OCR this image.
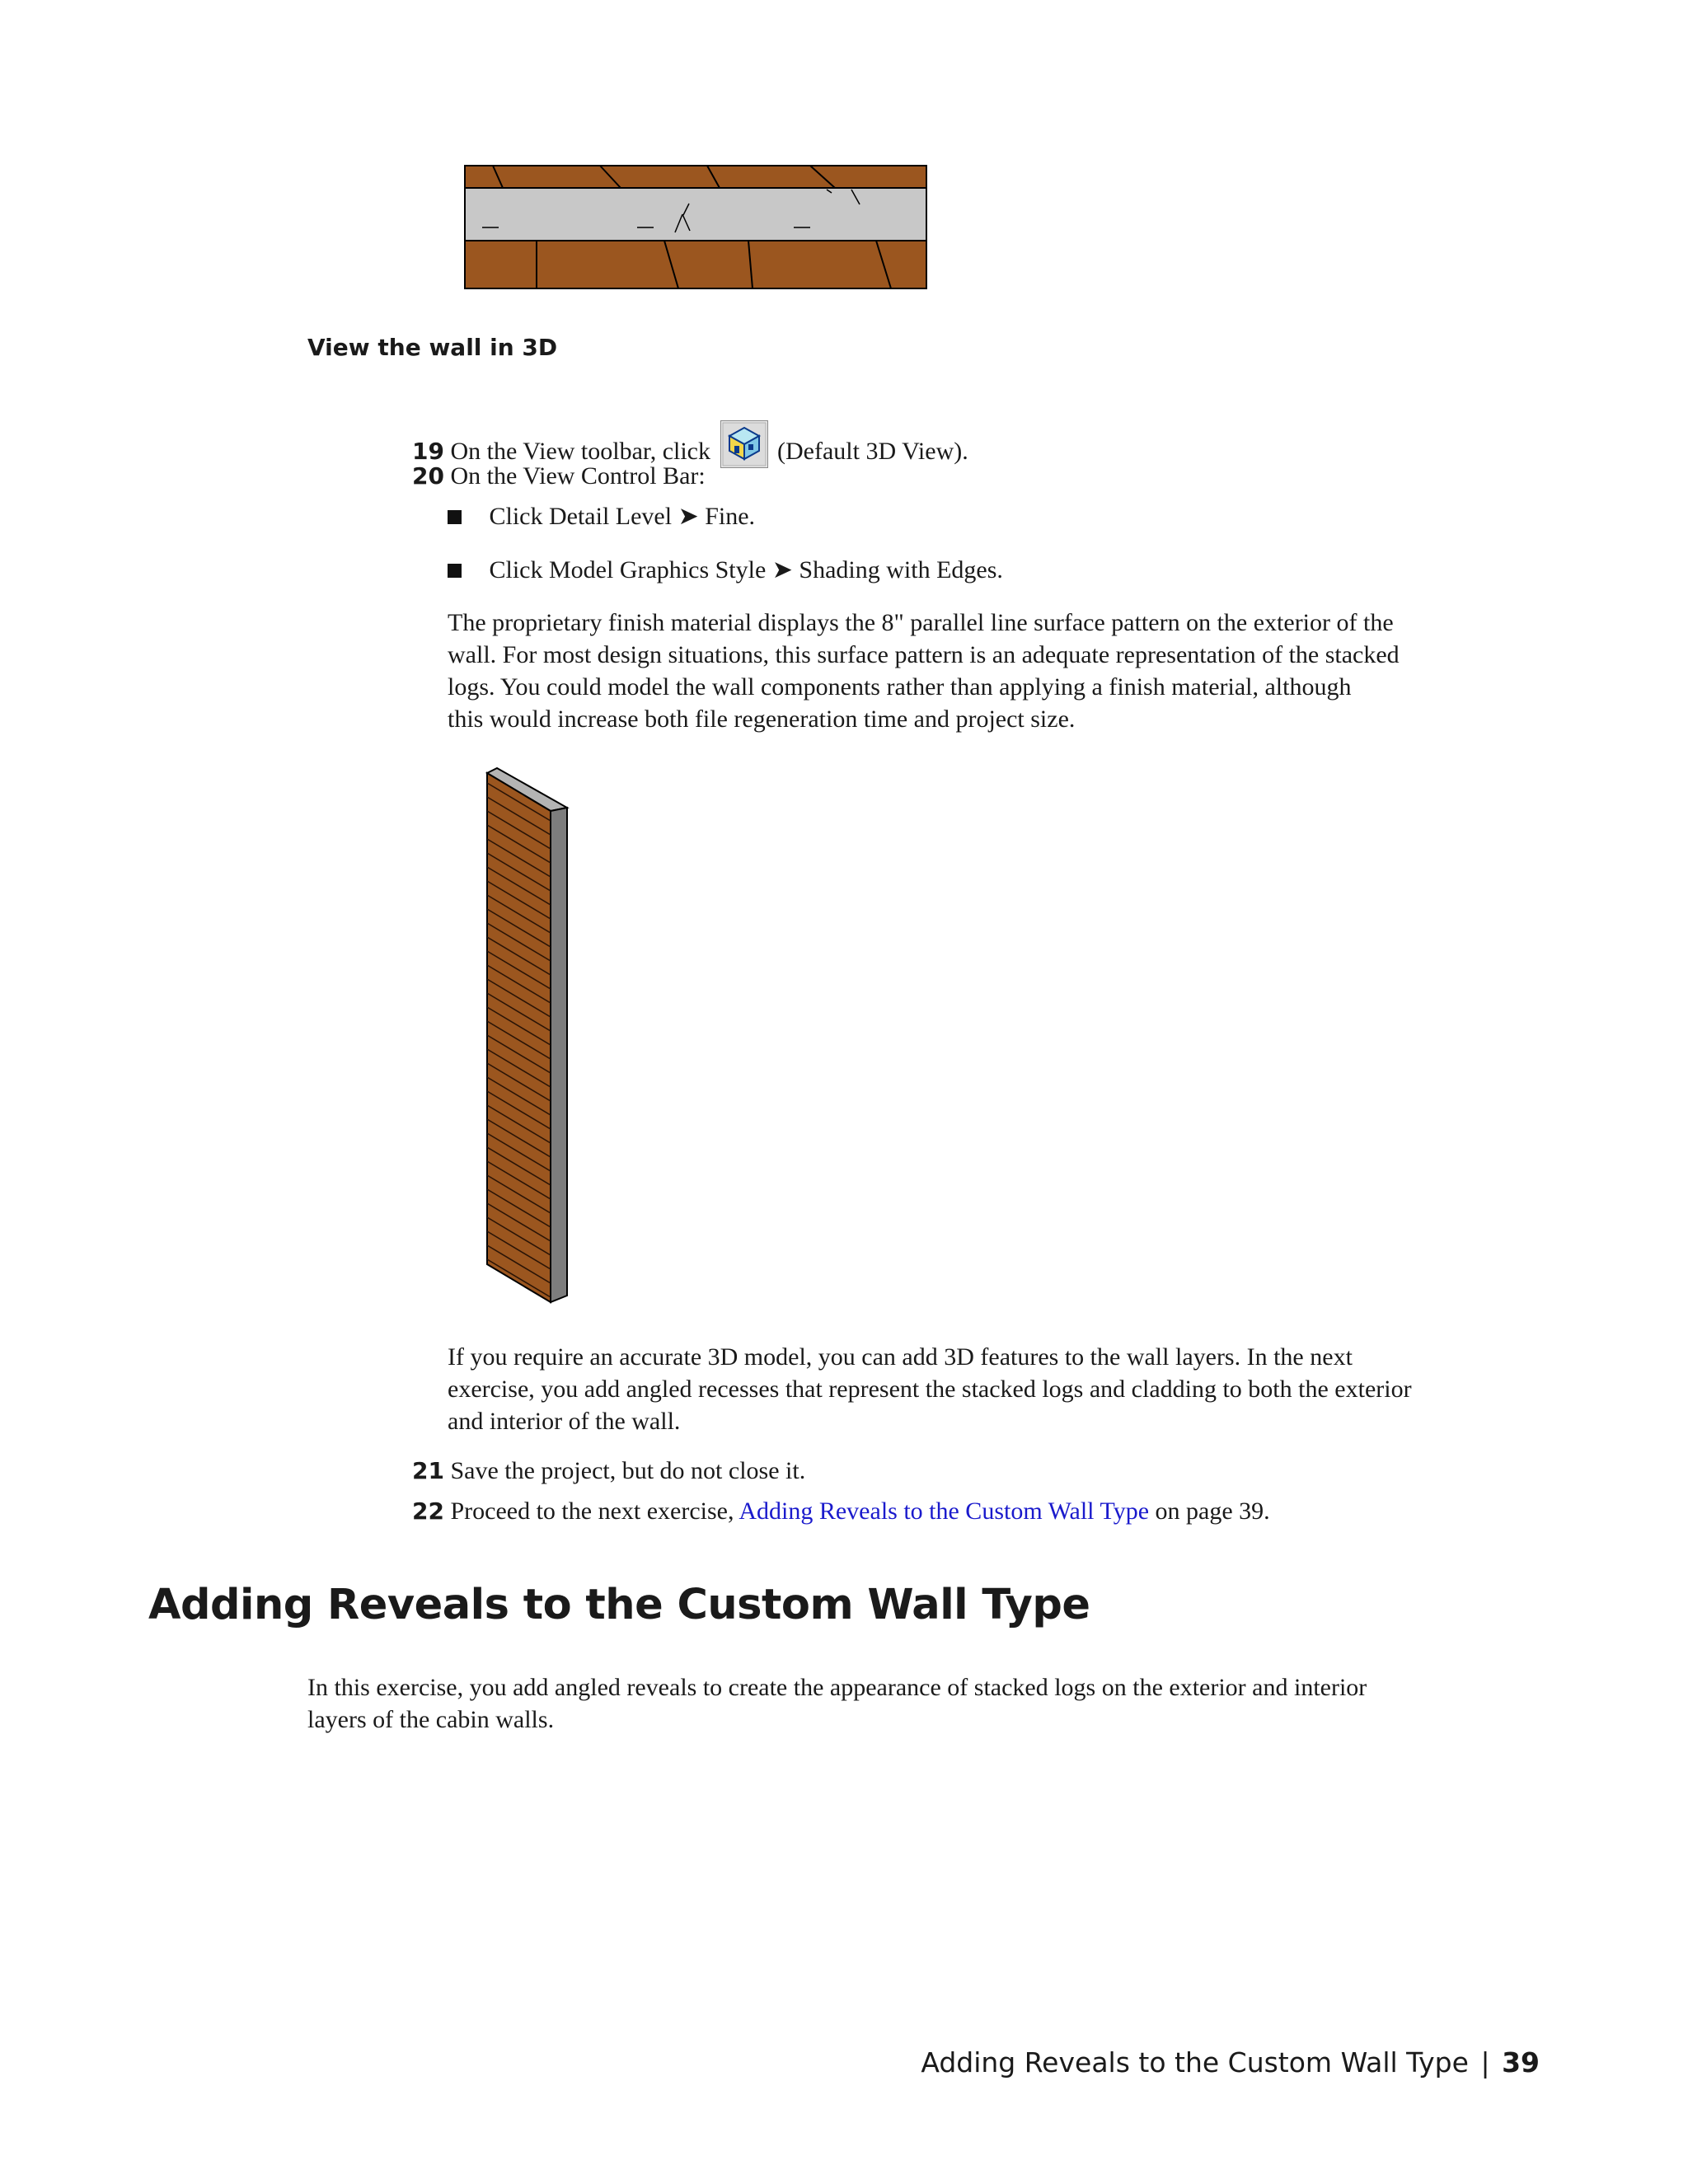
View the wall in 3D
19 On the View toolbar, click	(Default 3D View).
20 On the View Control Bar:
Click Detail Level ➤ Fine.
Click Model Graphics Style ➤ Shading with Edges.
The proprietary finish material displays the 8" parallel line surface pattern on the exterior of the
wall. For most design situations, this surface pattern is an adequate representation of the stacked
logs. You could model the wall components rather than applying a finish material, although
this would increase both file regeneration time and project size.
If you require an accurate 3D model, you can add 3D features to the wall layers. In the next
exercise, you add angled recesses that represent the stacked logs and cladding to both the exterior
and interior of the wall.
21 Save the project, but do not close it.
22 Proceed to the next exercise, Adding Reveals to the Custom Wall Type on page 39.
Adding Reveals to the Custom Wall Type
In this exercise, you add angled reveals to create the appearance of stacked logs on the exterior and interior
layers of the cabin walls.
Adding Reveals to the Custom Wall Type | 39
